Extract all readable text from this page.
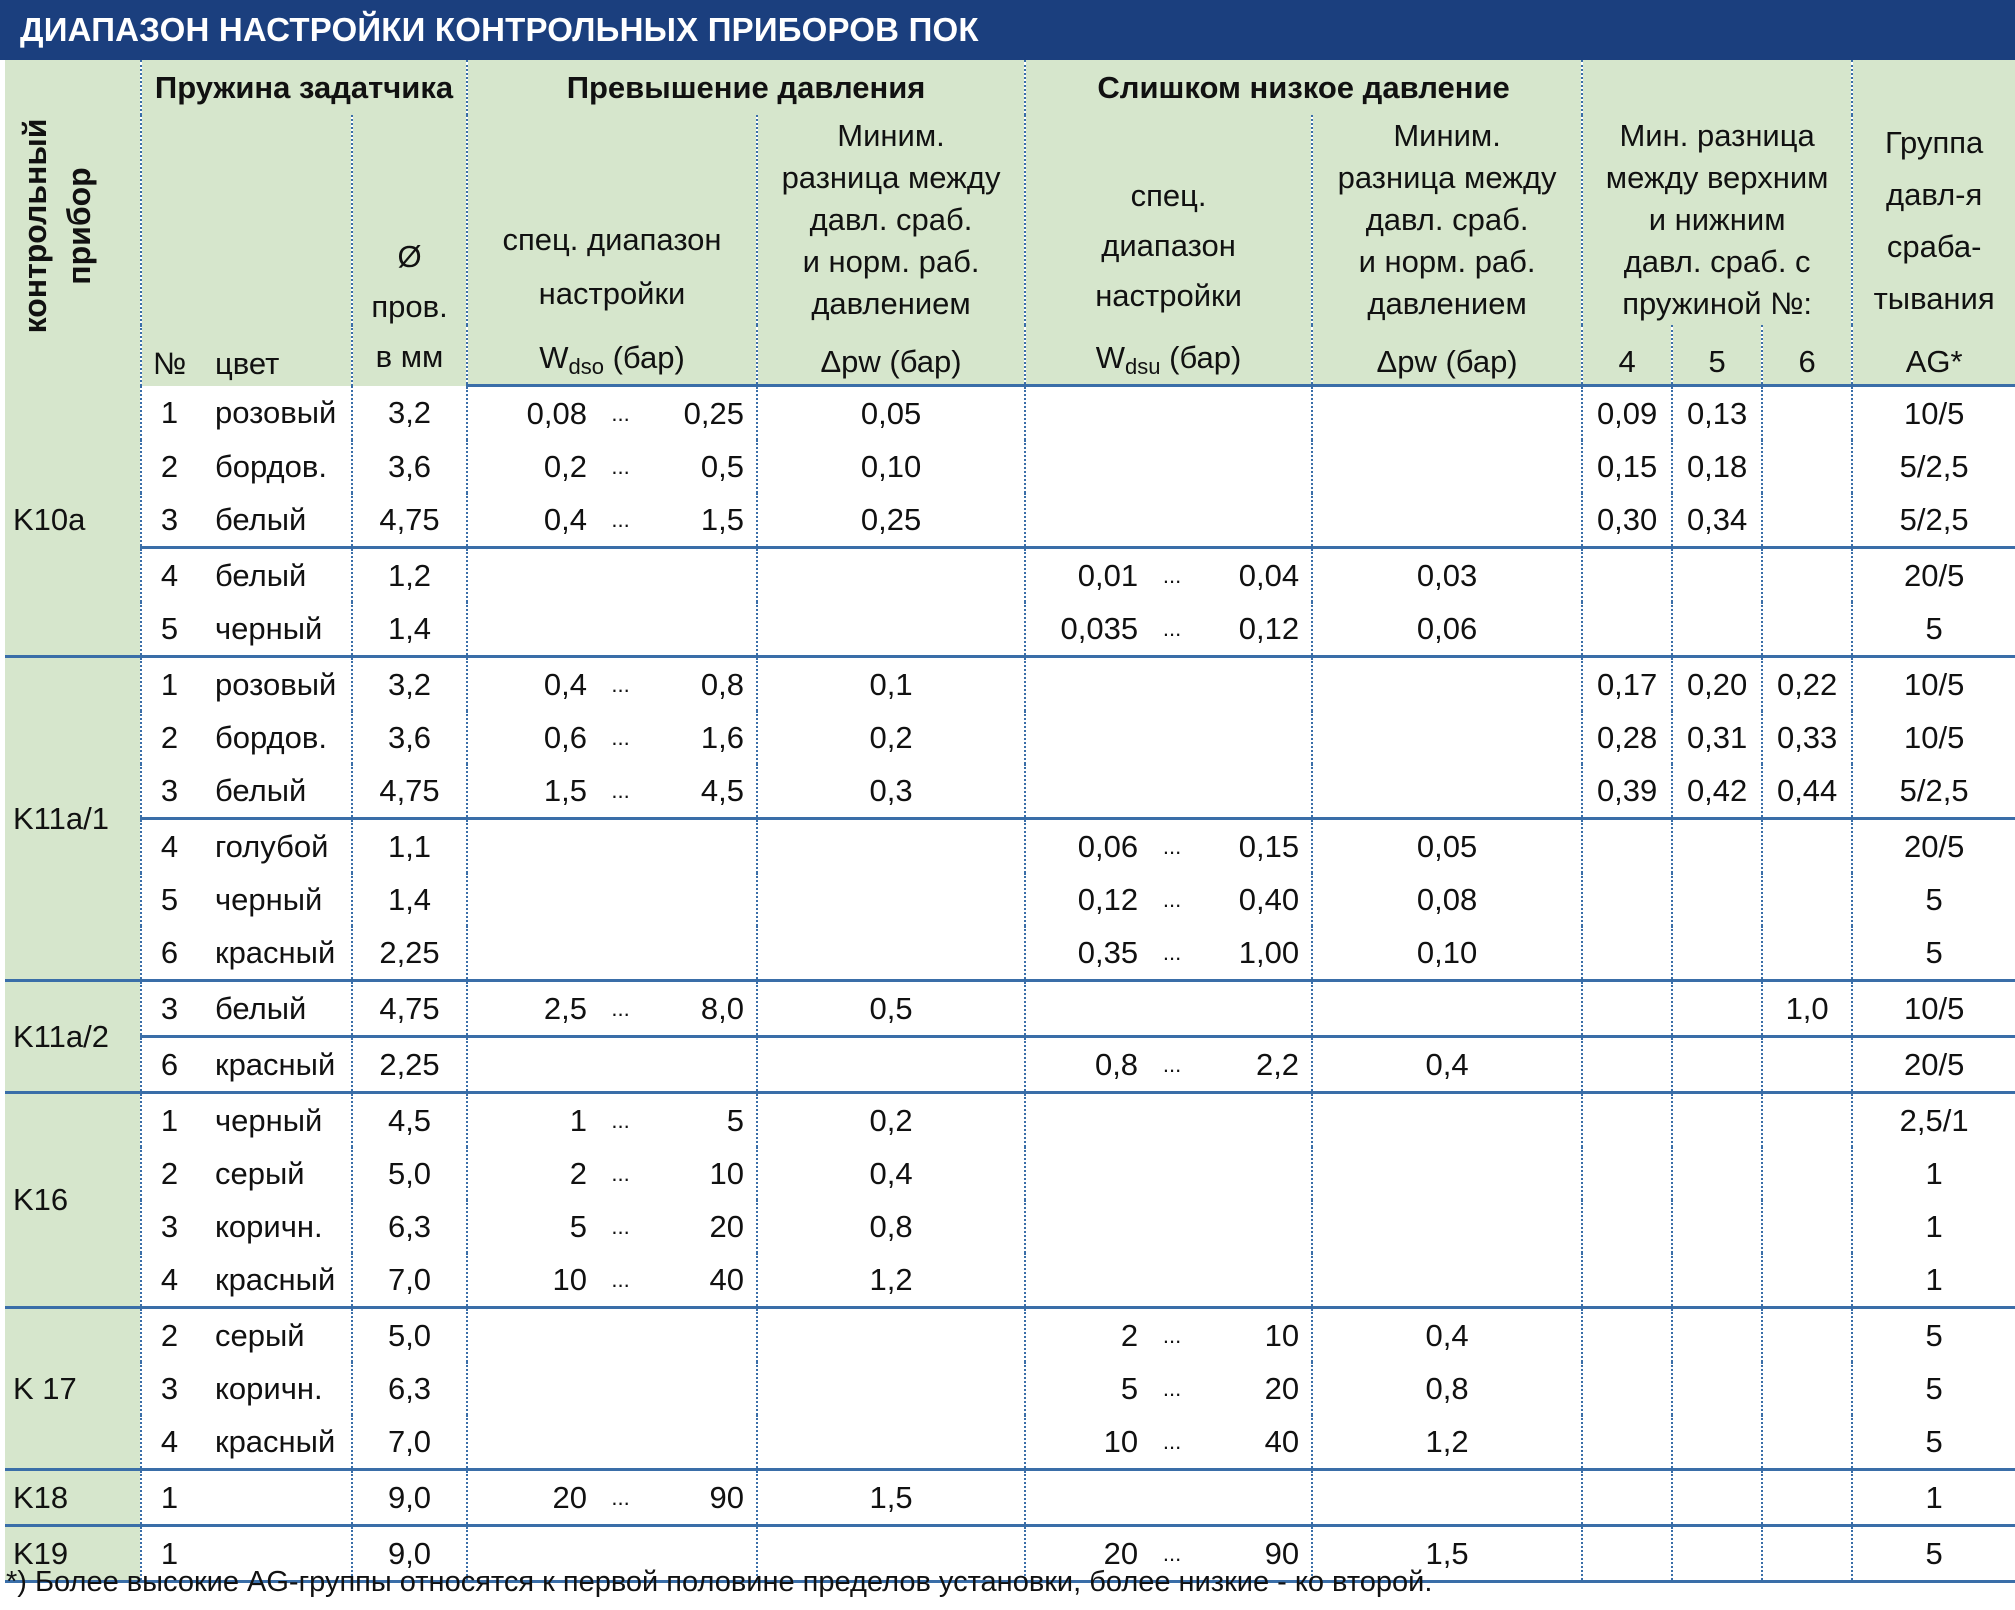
ДИАПАЗОН НАСТРОЙКИ КОНТРОЛЬНЫХ ПРИБОРОВ ПОК
контрольный прибор	Пружина задатчика			Превышение давления				Слишком низкое давление				Мин. разница
между верхним
и нижним
давл. сраб. с
пружиной №:			Группа
давл-я
сраба-
тывания
	№	цвет	Ø
пров.
в мм	спец. диапазон
настройки			Миним.
разница между
давл. сраб.
и норм. раб.
давлением	спец.
диапазон
настройки			Миним.
разница между
давл. сраб.
и норм. раб.
давлением				
				$W_{dso}$ (бар)			Δpw (бар)	$W_{dsu}$ (бар)			Δpw (бар)	4	5	6	AG*
K10a	1	розовый	3,2	0,08	...	0,25	0,05					0,09	0,13		10/5
	2	бордов.	3,6	0,2	...	0,5	0,10					0,15	0,18		5/2,5
	3	белый	4,75	0,4	...	1,5	0,25					0,30	0,34		5/2,5
	4	белый	1,2					0,01	...	0,04	0,03				20/5
	5	черный	1,4					0,035	...	0,12	0,06				5
K11a/1	1	розовый	3,2	0,4	...	0,8	0,1					0,17	0,20	0,22	10/5
	2	бордов.	3,6	0,6	...	1,6	0,2					0,28	0,31	0,33	10/5
	3	белый	4,75	1,5	...	4,5	0,3					0,39	0,42	0,44	5/2,5
	4	голубой	1,1					0,06	...	0,15	0,05				20/5
	5	черный	1,4					0,12	...	0,40	0,08				5
	6	красный	2,25					0,35	...	1,00	0,10				5
K11a/2	3	белый	4,75	2,5	...	8,0	0,5							1,0	10/5
	6	красный	2,25					0,8	...	2,2	0,4				20/5
K16	1	черный	4,5	1	...	5	0,2								2,5/1
	2	серый	5,0	2	...	10	0,4								1
	3	коричн.	6,3	5	...	20	0,8								1
	4	красный	7,0	10	...	40	1,2								1
K 17	2	серый	5,0					2	...	10	0,4				5
	3	коричн.	6,3					5	...	20	0,8				5
	4	красный	7,0					10	...	40	1,2				5
K18	1		9,0	20	...	90	1,5								1
K19	1		9,0					20	...	90	1,5				5
*) Более высокие AG-группы относятся к первой половине пределов установки, более низкие - ко второй.
